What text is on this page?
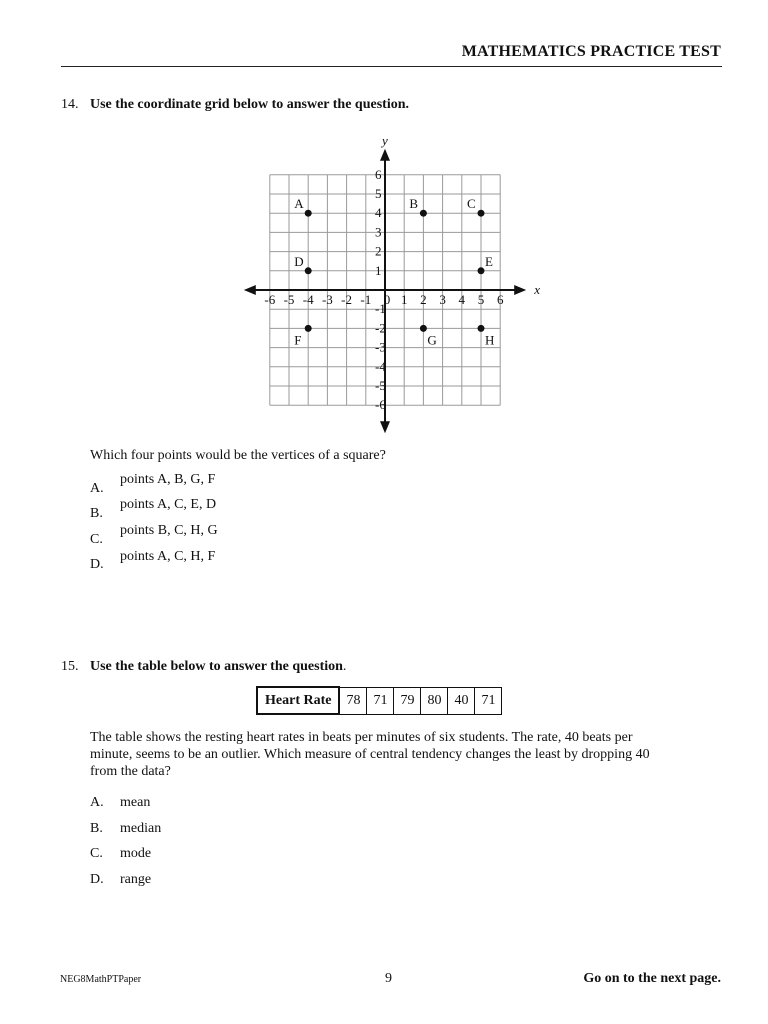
MATHEMATICS PRACTICE TEST
14. Use the coordinate grid below to answer the question.
x
y
-6 -5 -4 -3 -2 -1 0 1 2 3 4 5 6
6
5
4
3
2
1
-1
-2
-3
-4
-5
-6
A	B	C
D	E
F	G	H
Which four points would be the vertices of a square?
A.
points A, B, G, F
B.
points A, C, E, D
C.
points B, C, H, G
D.
points A, C, H, F
15. Use the table below to answer the question.
Heart Rate	78	71	79	80	40	71
The table shows the resting heart rates in beats per minutes of six students. The rate, 40 beats per
minute, seems to be an outlier. Which measure of central tendency changes the least by dropping 40
from the data?
A. mean
B. median
C. mode
D. range
NEG8MathPTPaper	9	Go on to the next page.
